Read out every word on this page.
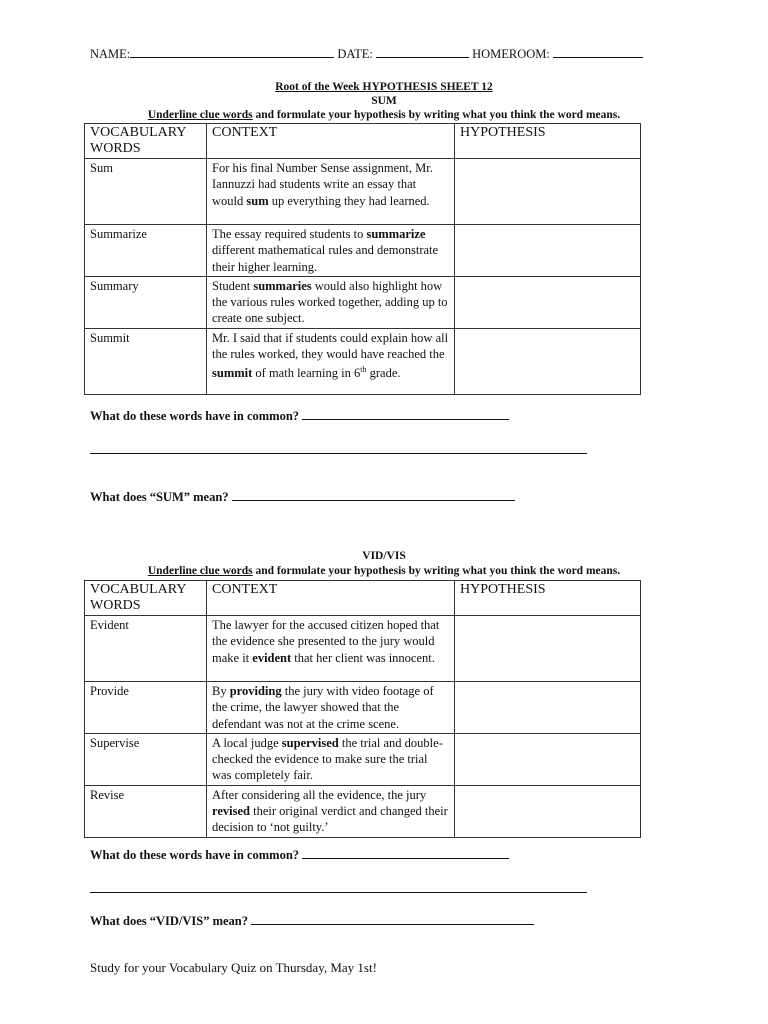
NAME:	DATE:	HOMEROOM:
Root of the Week HYPOTHESIS SHEET 12
SUM
Underline clue words and formulate your hypothesis by writing what you think the word means.
VOCABULARY WORDS	CONTEXT	HYPOTHESIS
Sum	For his final Number Sense assignment, Mr. Iannuzzi had students write an essay that would sum up everything they had learned.	
Summarize	The essay required students to summarize different mathematical rules and demonstrate their higher learning.	
Summary	Student summaries would also highlight how the various rules worked together, adding up to create one subject.	
Summit	Mr. I said that if students could explain how all the rules worked, they would have reached the summit of math learning in 6th grade.	
What do these words have in common?
What does “SUM” mean?
VID/VIS
Underline clue words and formulate your hypothesis by writing what you think the word means.
VOCABULARY WORDS	CONTEXT	HYPOTHESIS
Evident	The lawyer for the accused citizen hoped that the evidence she presented to the jury would make it evident that her client was innocent.	
Provide	By providing the jury with video footage of the crime, the lawyer showed that the defendant was not at the crime scene.	
Supervise	A local judge supervised the trial and double-checked the evidence to make sure the trial was completely fair.	
Revise	After considering all the evidence, the jury revised their original verdict and changed their decision to ‘not guilty.’	
What do these words have in common?
What does “VID/VIS” mean?
Study for your Vocabulary Quiz on Thursday, May 1st!
